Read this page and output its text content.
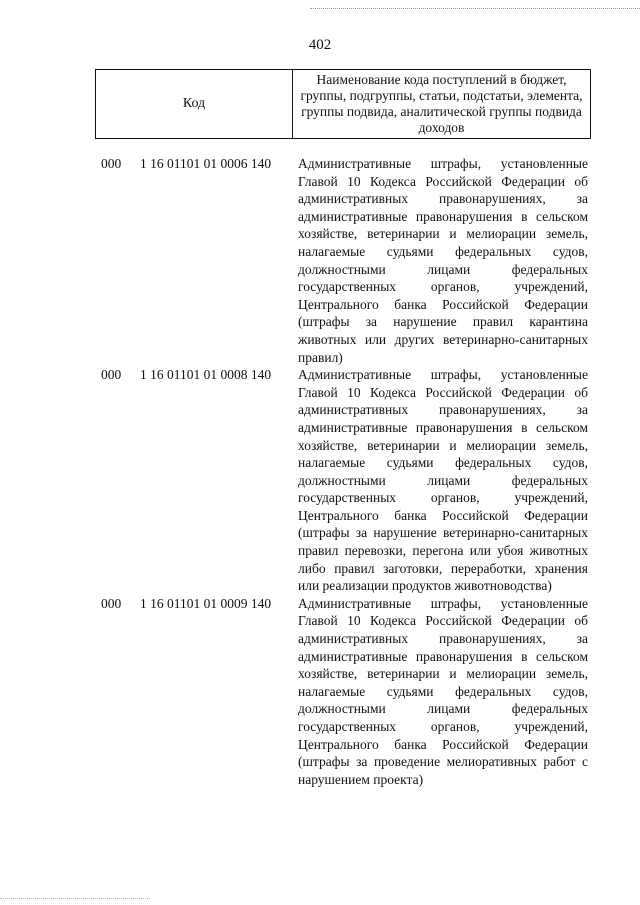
402
Код
Наименование кода поступлений в бюджет, группы, подгруппы, статьи, подстатьи, элемента, группы подвида, аналитической группы подвида доходов
000 1 16 01101 01 0006 140 Административные штрафы, установленные Главой 10 Кодекса Российской Федерации об административных правонарушениях, за административные правонарушения в сельском хозяйстве, ветеринарии и мелиорации земель, налагаемые судьями федеральных судов, должностными лицами федеральных государственных органов, учреждений, Центрального банка Российской Федерации (штрафы за нарушение правил карантина животных или других ветеринарно-санитарных правил)
000 1 16 01101 01 0008 140 Административные штрафы, установленные Главой 10 Кодекса Российской Федерации об административных правонарушениях, за административные правонарушения в сельском хозяйстве, ветеринарии и мелиорации земель, налагаемые судьями федеральных судов, должностными лицами федеральных государственных органов, учреждений, Центрального банка Российской Федерации (штрафы за нарушение ветеринарно-санитарных правил перевозки, перегона или убоя животных либо правил заготовки, переработки, хранения или реализации продуктов животноводства)
000 1 16 01101 01 0009 140 Административные штрафы, установленные Главой 10 Кодекса Российской Федерации об административных правонарушениях, за административные правонарушения в сельском хозяйстве, ветеринарии и мелиорации земель, налагаемые судьями федеральных судов, должностными лицами федеральных государственных органов, учреждений, Центрального банка Российской Федерации (штрафы за проведение мелиоративных работ с нарушением проекта)
